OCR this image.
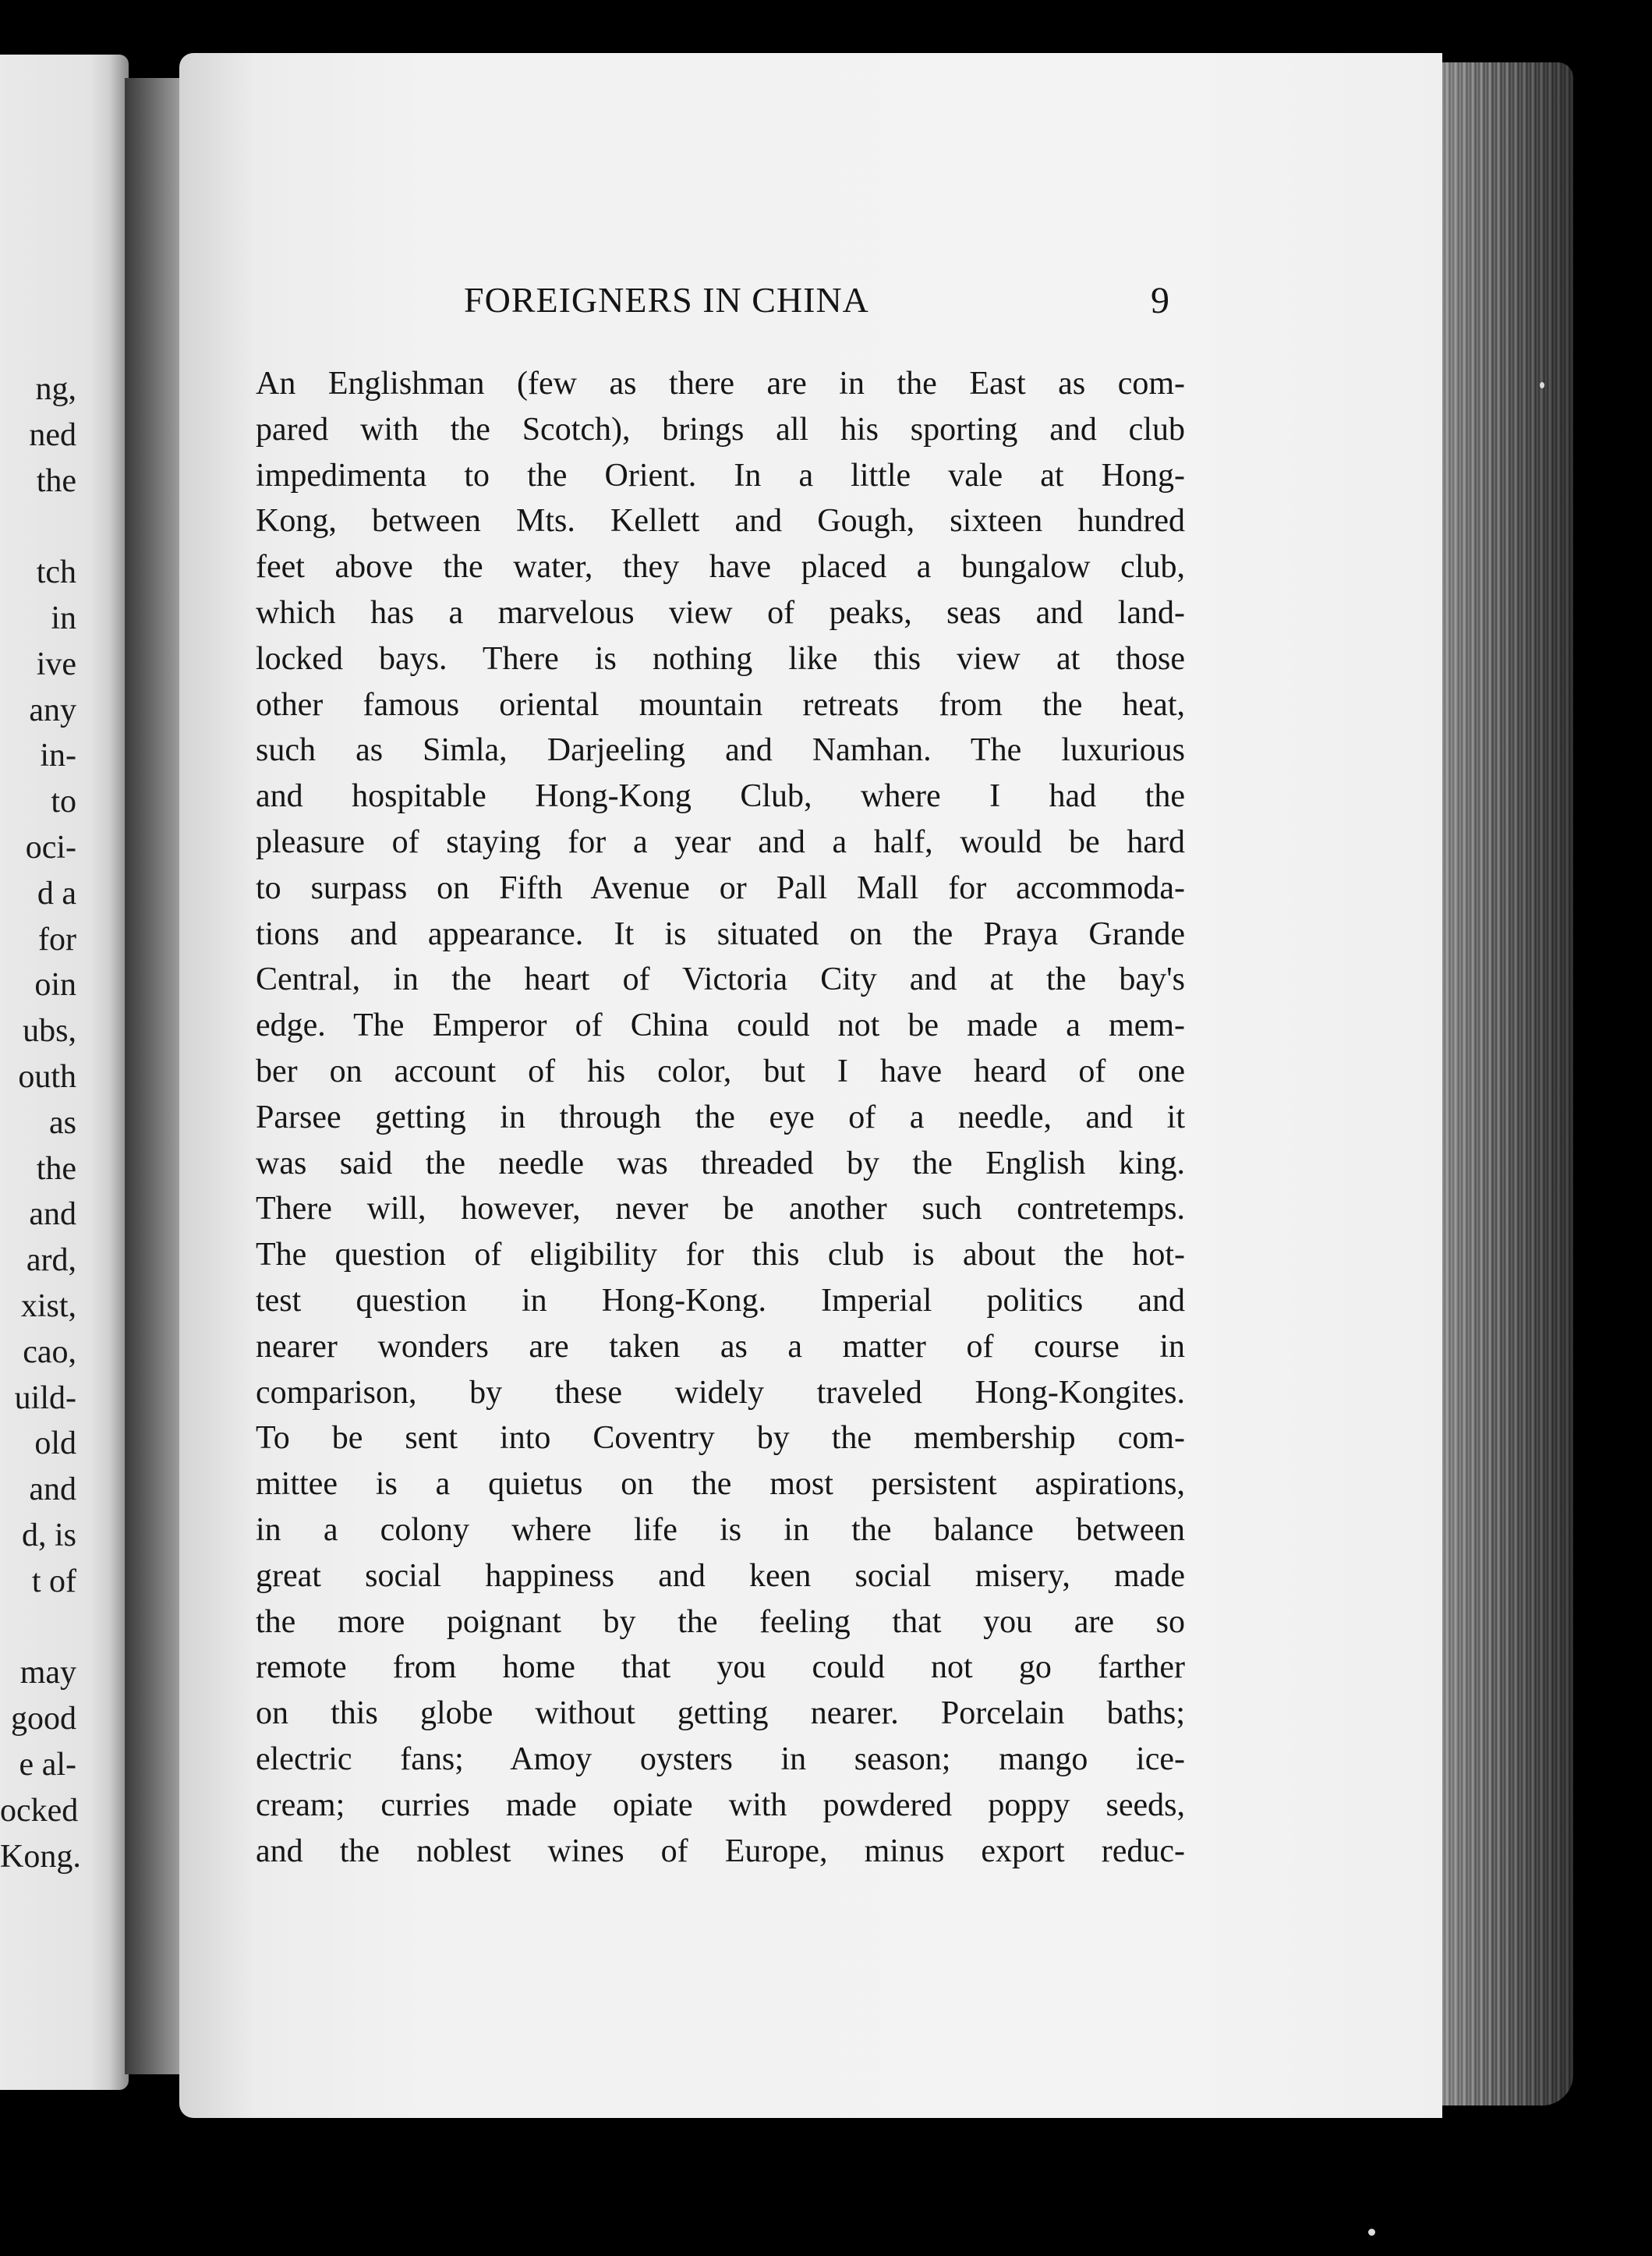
ng,
ned
the
tch
in
ive
any
in-
to
oci-
d a
for
oin
ubs,
outh
as
the
and
ard,
xist,
cao,
uild-
old
and
d, is
t of
may
good
e al-
ocked
Kong.
FOREIGNERS IN CHINA	9
An Englishman (few as there are in the East as com-
pared with the Scotch), brings all his sporting and club
impedimenta to the Orient. In a little vale at Hong-
Kong, between Mts. Kellett and Gough, sixteen hundred
feet above the water, they have placed a bungalow club,
which has a marvelous view of peaks, seas and land-
locked bays. There is nothing like this view at those
other famous oriental mountain retreats from the heat,
such as Simla, Darjeeling and Namhan. The luxurious
and hospitable Hong-Kong Club, where I had the
pleasure of staying for a year and a half, would be hard
to surpass on Fifth Avenue or Pall Mall for accommoda-
tions and appearance. It is situated on the Praya Grande
Central, in the heart of Victoria City and at the bay's
edge. The Emperor of China could not be made a mem-
ber on account of his color, but I have heard of one
Parsee getting in through the eye of a needle, and it
was said the needle was threaded by the English king.
There will, however, never be another such contretemps.
The question of eligibility for this club is about the hot-
test question in Hong-Kong. Imperial politics and
nearer wonders are taken as a matter of course in
comparison, by these widely traveled Hong-Kongites.
To be sent into Coventry by the membership com-
mittee is a quietus on the most persistent aspirations,
in a colony where life is in the balance between
great social happiness and keen social misery, made
the more poignant by the feeling that you are so
remote from home that you could not go farther
on this globe without getting nearer. Porcelain baths;
electric fans; Amoy oysters in season; mango ice-
cream; curries made opiate with powdered poppy seeds,
and the noblest wines of Europe, minus export reduc-
